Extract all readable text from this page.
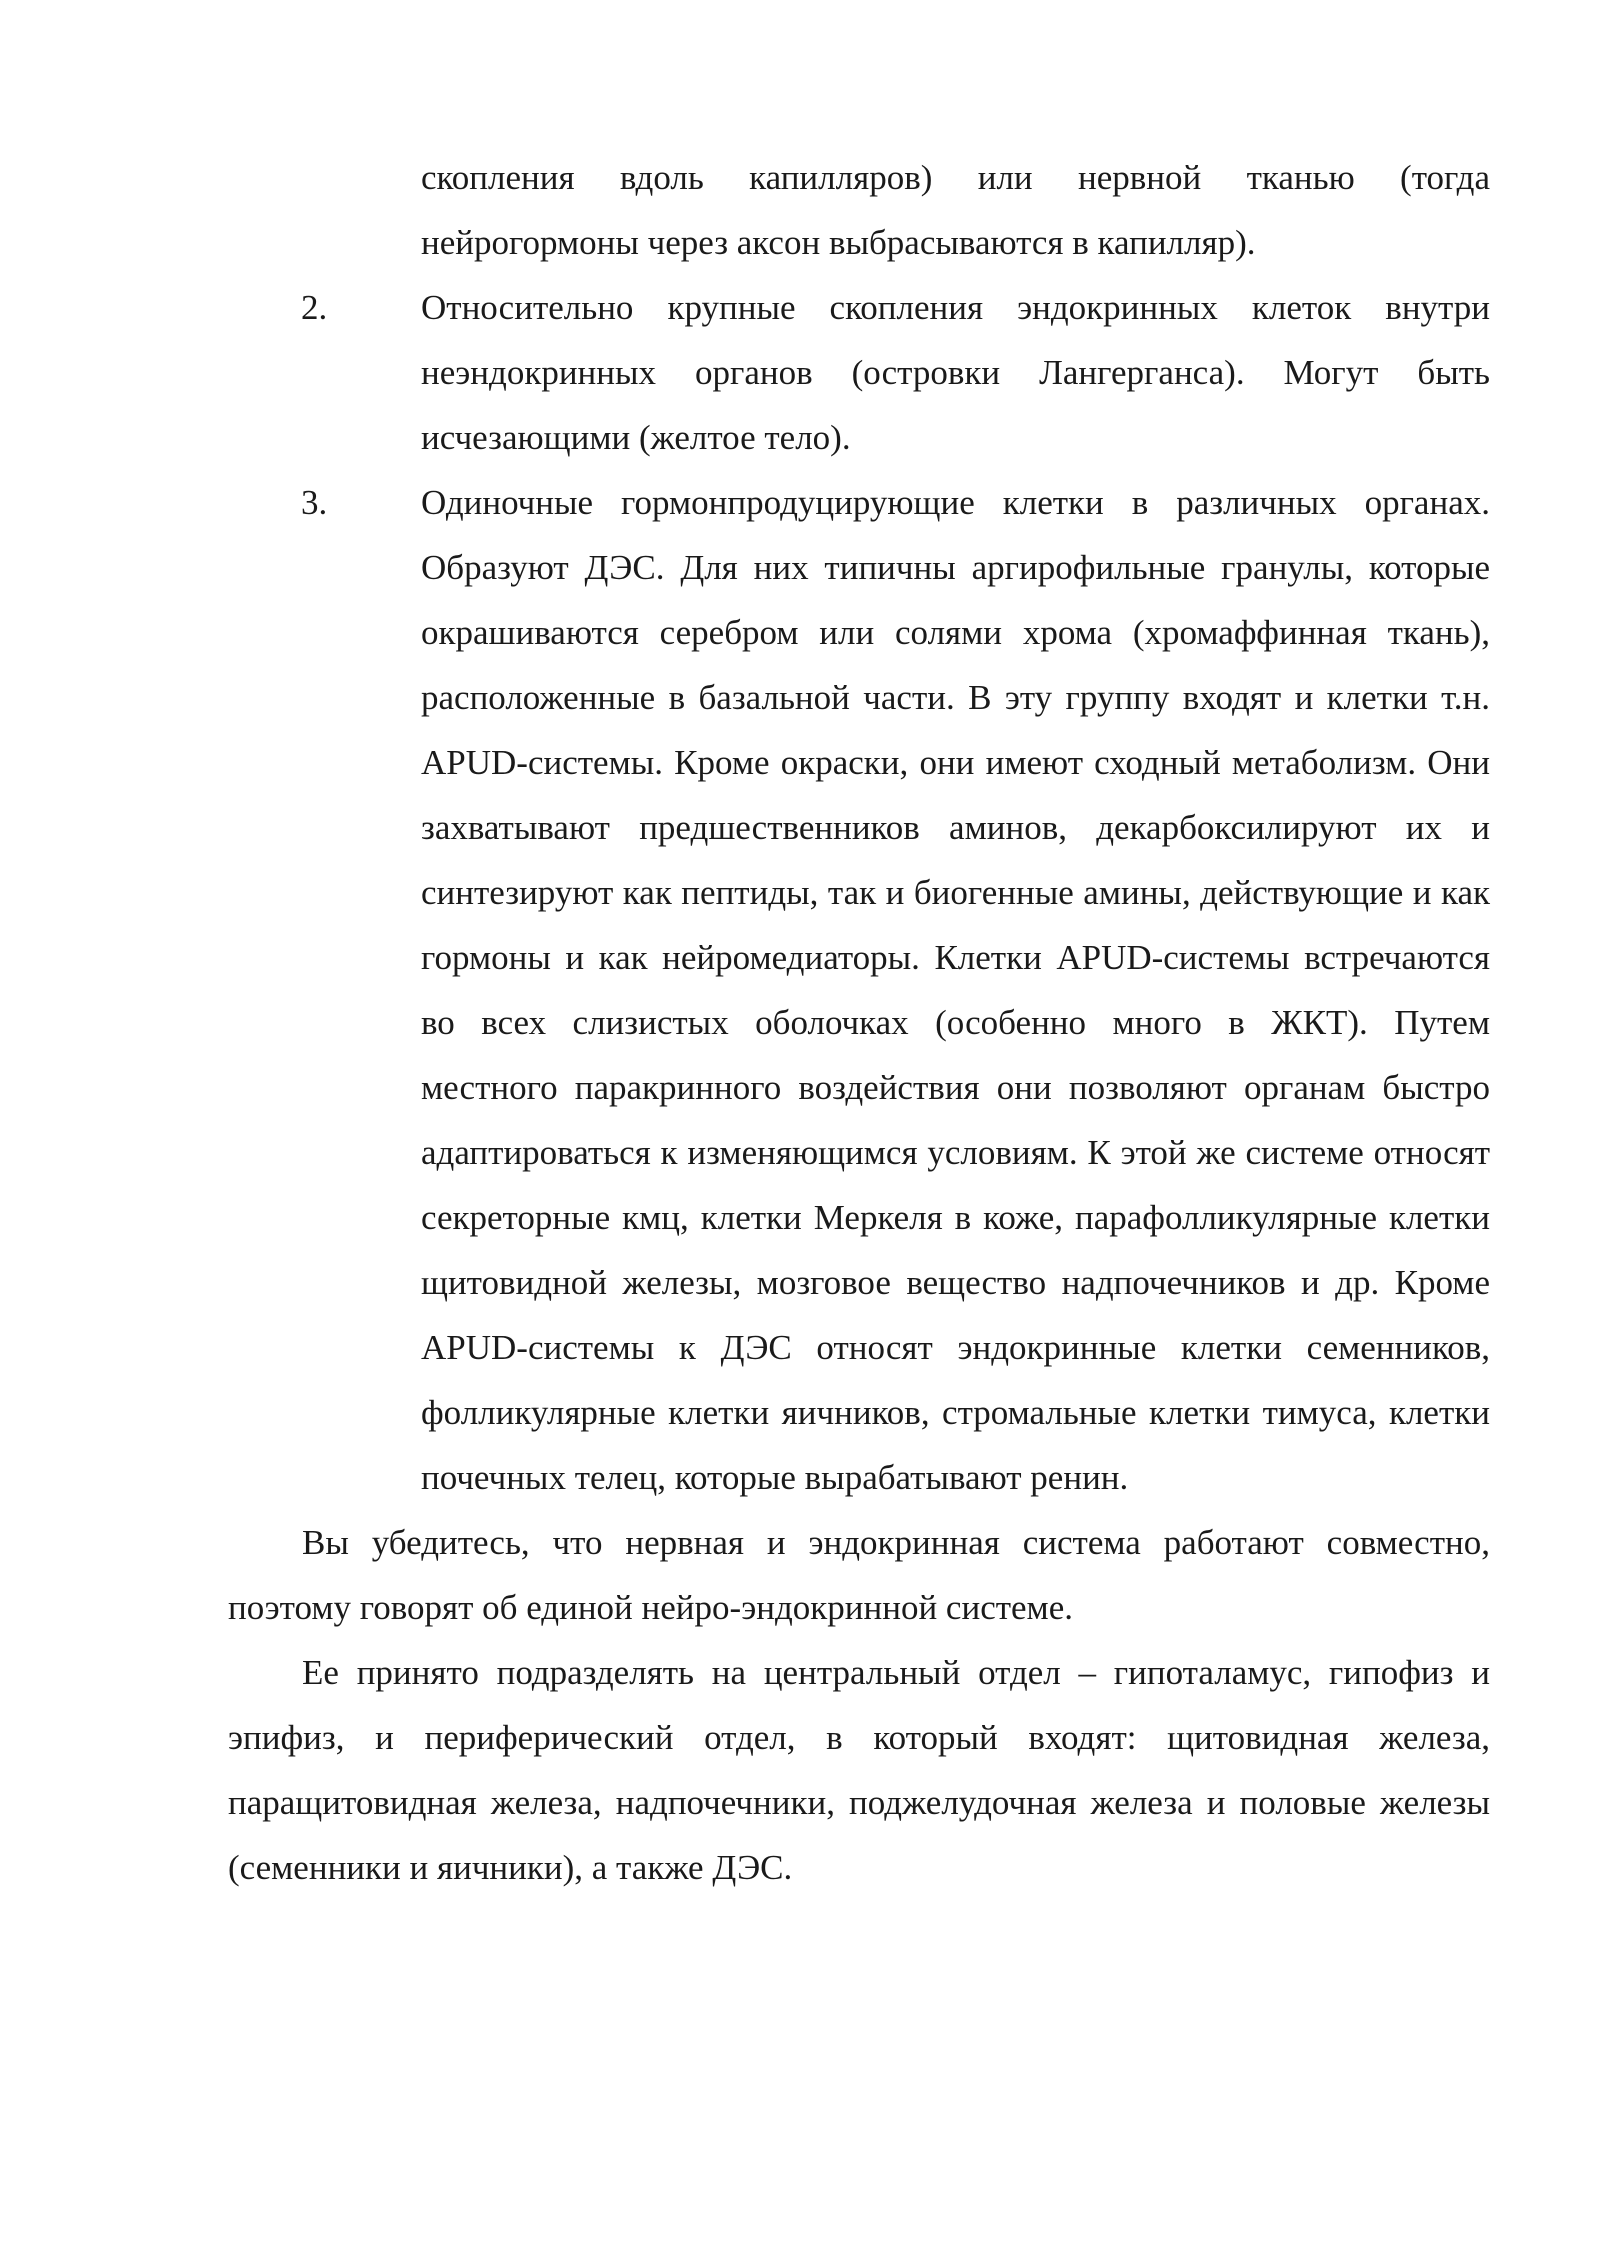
скопления вдоль капилляров) или нервной тканью (тогда нейрогормоны через аксон выбрасываются в капилляр).
2.	Относительно крупные скопления эндокринных клеток внутри неэндокринных органов (островки Лангерганса). Могут быть исчезающими (желтое тело).
3.	Одиночные гормонпродуцирующие клетки в различных органах. Образуют ДЭС. Для них типичны аргирофильные гранулы, которые окрашиваются серебром или солями хрома (хромаффинная ткань), расположенные в базальной части. В эту группу входят и клетки т.н. APUD-системы. Кроме окраски, они имеют сходный метаболизм. Они захватывают предшественников аминов, декарбоксилируют их и синтезируют как пептиды, так и биогенные амины, действующие и как гормоны и как нейромедиаторы. Клетки APUD-системы встречаются во всех слизистых оболочках (особенно много в ЖКТ). Путем местного паракринного воздействия они позволяют органам быстро адаптироваться к изменяющимся условиям. К этой же системе относят секреторные кмц, клетки Меркеля в коже, парафолликулярные клетки щитовидной железы, мозговое вещество надпочечников и др. Кроме APUD-системы к ДЭС относят эндокринные клетки семенников, фолликулярные клетки яичников, стромальные клетки тимуса, клетки почечных телец, которые вырабатывают ренин.

Вы убедитесь, что нервная и эндокринная система работают совместно, поэтому говорят об единой нейро-эндокринной системе.

Ее принято подразделять на центральный отдел – гипоталамус, гипофиз и эпифиз, и периферический отдел, в который входят: щитовидная железа, паращитовидная железа, надпочечники, поджелудочная железа и половые железы (семенники и яичники), а также ДЭС.
